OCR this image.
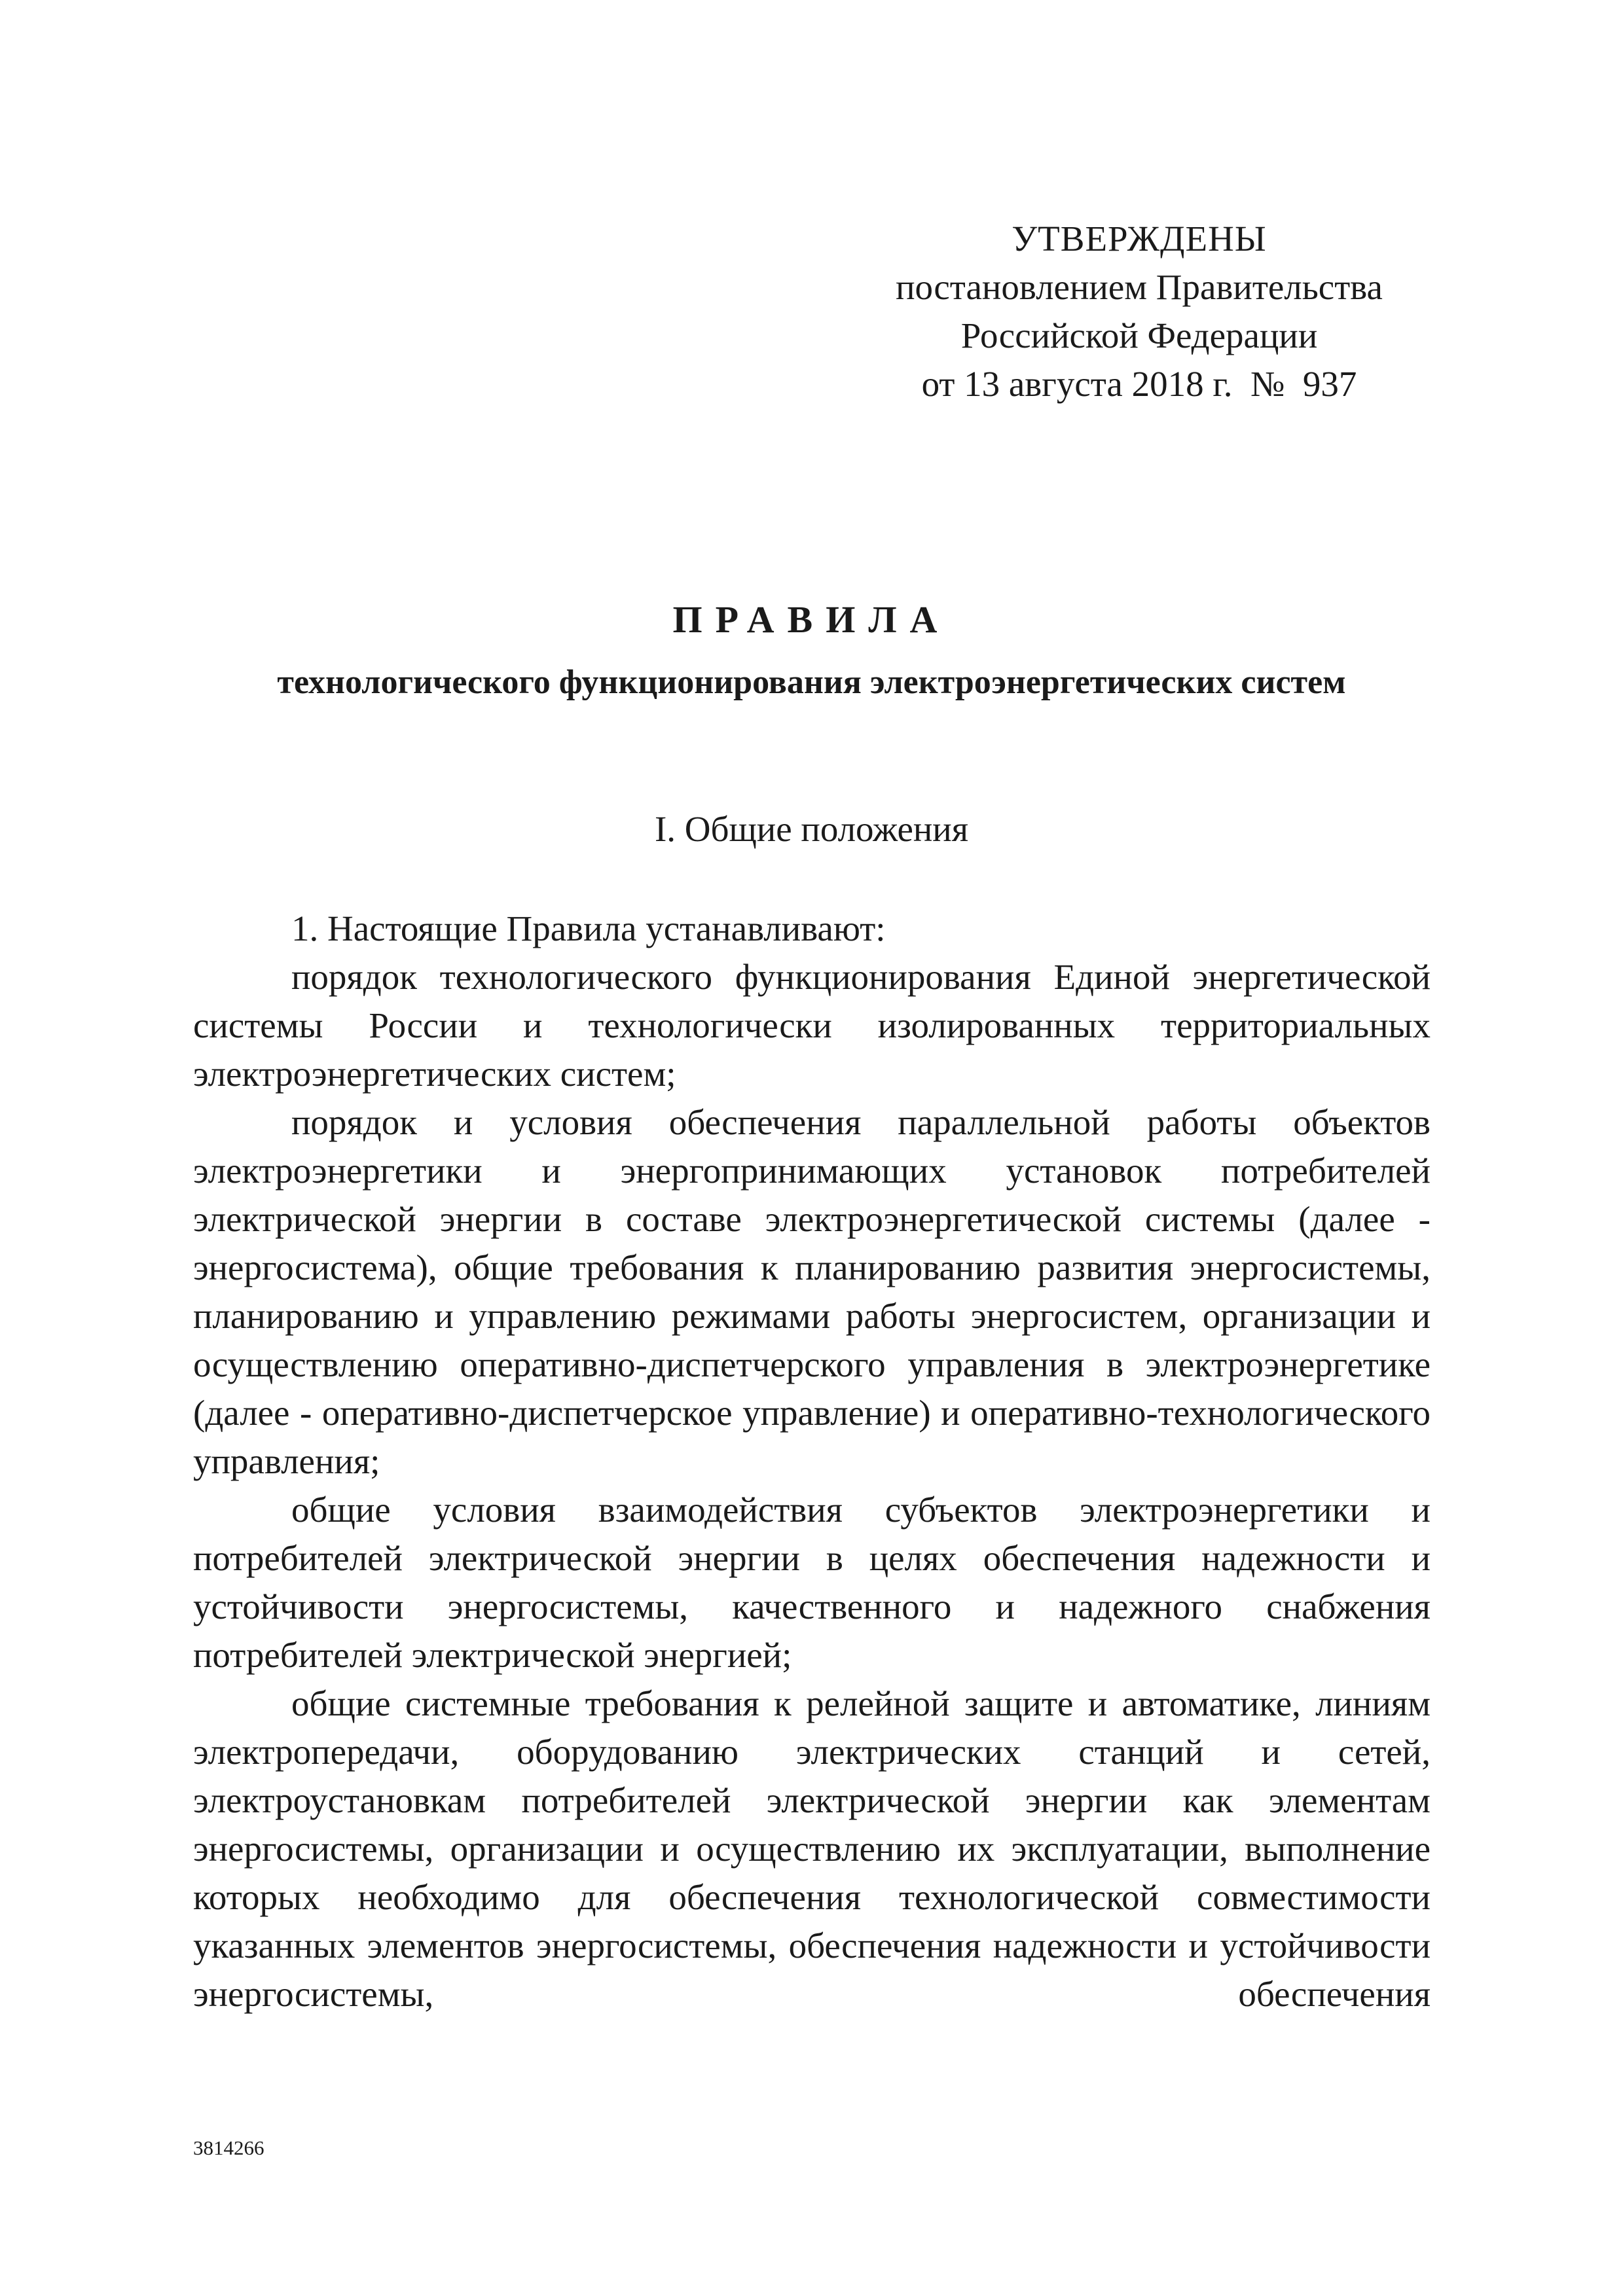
УТВЕРЖДЕНЫ
постановлением Правительства
Российской Федерации
от 13 августа 2018 г.  №  937
ПРАВИЛА
технологического функционирования электроэнергетических систем
I. Общие положения

1. Настоящие Правила устанавливают:

порядок технологического функционирования Единой энергетической системы России и технологически изолированных территориальных электроэнергетических систем;

порядок и условия обеспечения параллельной работы объектов электроэнергетики и энергопринимающих установок потребителей электрической энергии в составе электроэнергетической системы (далее - энергосистема), общие требования к планированию развития энергосистемы, планированию и управлению режимами работы энергосистем, организации и осуществлению оперативно-диспетчерского управления в электроэнергетике (далее - оперативно-диспетчерское управление) и оперативно-технологического управления;

общие условия взаимодействия субъектов электроэнергетики и потребителей электрической энергии в целях обеспечения надежности и устойчивости энергосистемы, качественного и надежного снабжения потребителей электрической энергией;

общие системные требования к релейной защите и автоматике, линиям электропередачи, оборудованию электрических станций и сетей, электроустановкам потребителей электрической энергии как элементам энергосистемы, организации и осуществлению их эксплуатации, выполнение которых необходимо для обеспечения технологической совместимости указанных элементов энергосистемы, обеспечения надежности и устойчивости энергосистемы, обеспечения

3814266
